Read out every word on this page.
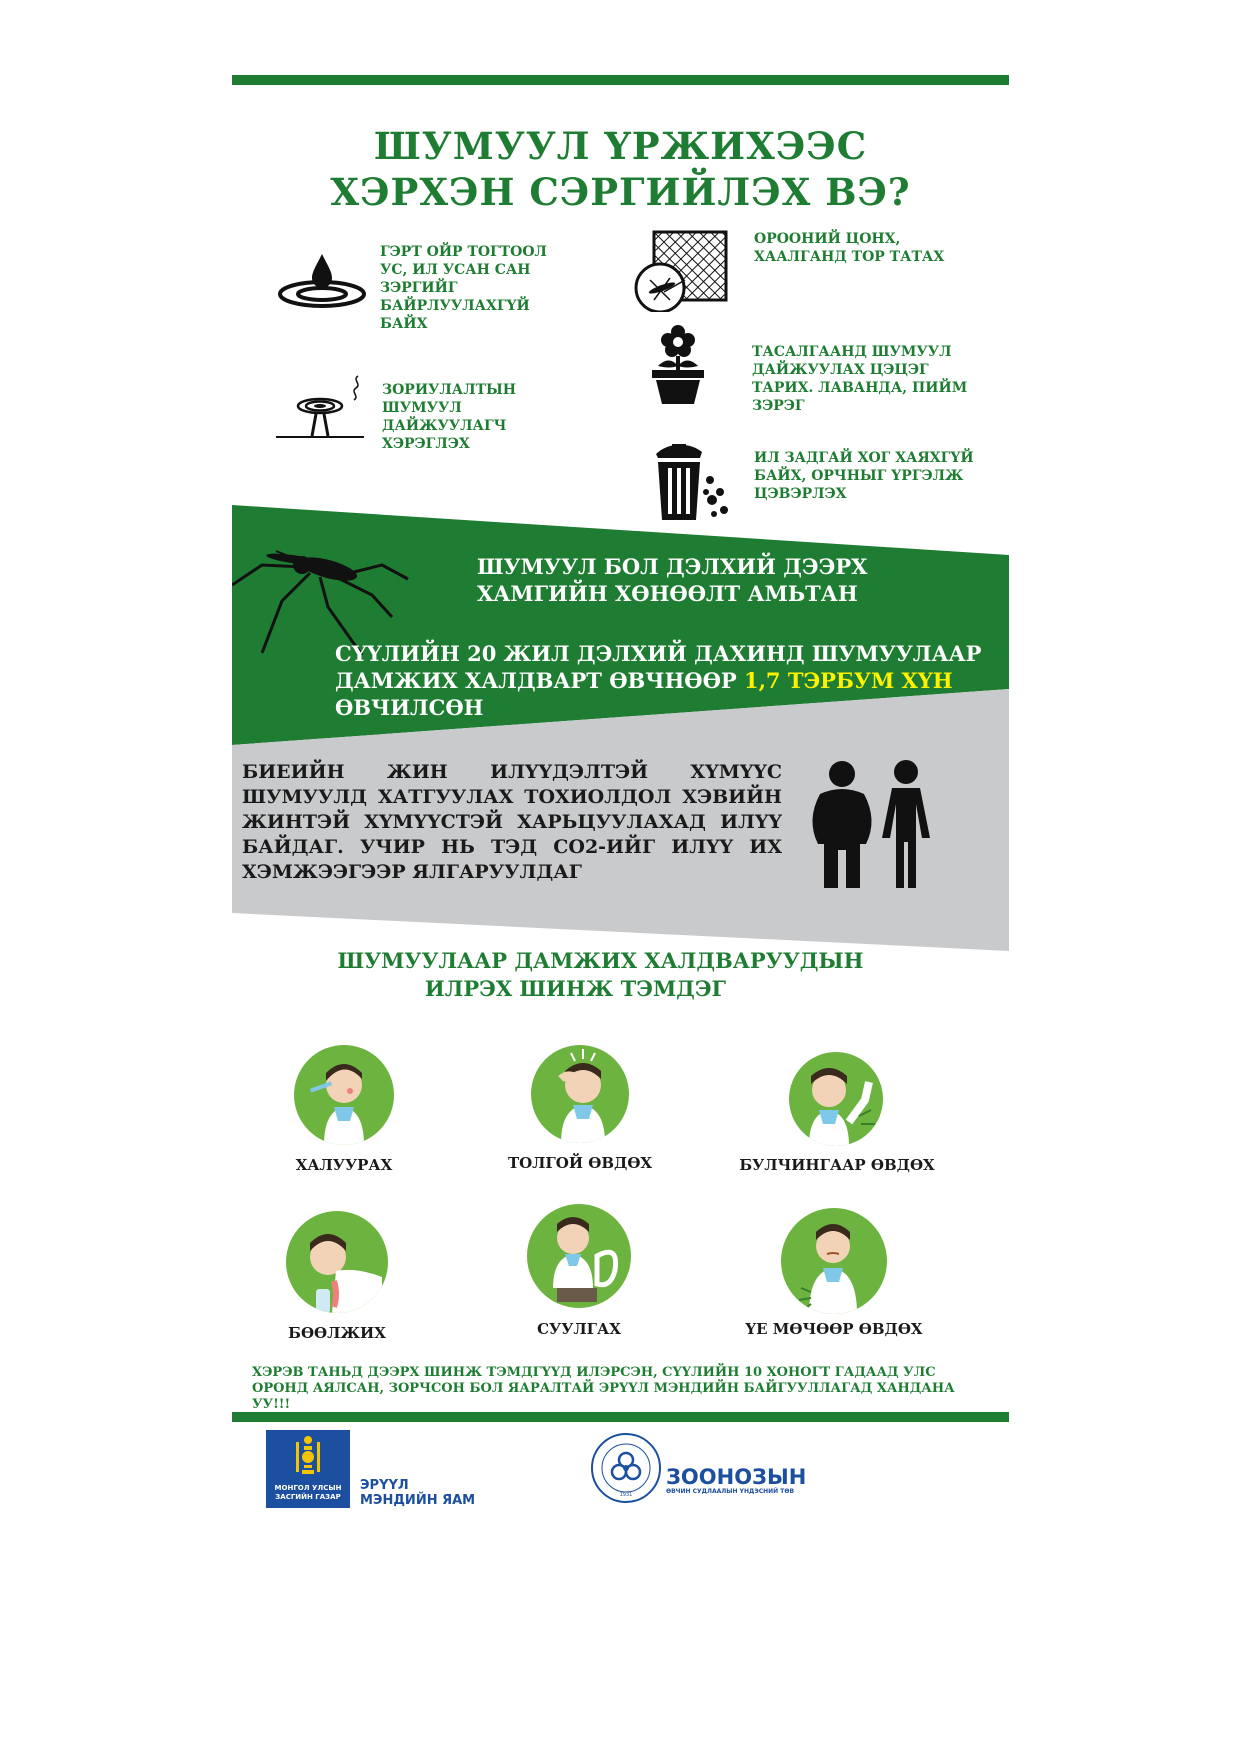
ШУМУУЛ ҮРЖИХЭЭС
ХЭРХЭН СЭРГИЙЛЭХ ВЭ?
ГЭРТ ОЙР ТОГТООЛ УС, ИЛ УСАН САН ЗЭРГИЙГ БАЙРЛУУЛАХГҮЙ БАЙХ
ОРООНИЙ ЦОНХ, ХААЛГАНД ТОР ТАТАХ
ТАСАЛГААНД ШУМУУЛ ДАЙЖУУЛАХ ЦЭЦЭГ ТАРИХ. ЛАВАНДА, ПИЙМ ЗЭРЭГ
ЗОРИУЛАЛТЫН ШУМУУЛ ДАЙЖУУЛАГЧ ХЭРЭГЛЭХ
ИЛ ЗАДГАЙ ХОГ ХАЯХГҮЙ БАЙХ, ОРЧНЫГ ҮРГЭЛЖ ЦЭВЭРЛЭХ
ШУМУУЛ БОЛ ДЭЛХИЙ ДЭЭРХ
ХАМГИЙН ХӨНӨӨЛТ АМЬТАН
СҮҮЛИЙН 20 ЖИЛ ДЭЛХИЙ ДАХИНД ШУМУУЛААР
ДАМЖИХ ХАЛДВАРТ ӨВЧНӨӨР 1,7 ТЭРБУМ ХҮН
ӨВЧИЛСӨН
БИЕИЙН ЖИН ИЛҮҮДЭЛТЭЙ ХҮМҮҮС ШУМУУЛД ХАТГУУЛАХ ТОХИОЛДОЛ ХЭВИЙН ЖИНТЭЙ ХҮМҮҮСТЭЙ ХАРЬЦУУЛАХАД ИЛҮҮ БАЙДАГ. УЧИР НЬ ТЭД CO2-ИЙГ ИЛҮҮ ИХ ХЭМЖЭЭГЭЭР ЯЛГАРУУЛДАГ
ШУМУУЛААР ДАМЖИХ ХАЛДВАРУУДЫН
ИЛРЭХ ШИНЖ ТЭМДЭГ
ХАЛУУРАХ	ТОЛГОЙ ӨВДӨХ	БУЛЧИНГААР ӨВДӨХ
БӨӨЛЖИХ	СУУЛГАХ	ҮЕ МӨЧӨӨР ӨВДӨХ
ХЭРЭВ ТАНЬД ДЭЭРХ ШИНЖ ТЭМДГҮҮД ИЛЭРСЭН, СҮҮЛИЙН 10 ХОНОГТ ГАДААД УЛС ОРОНД АЯЛСАН, ЗОРЧСОН БОЛ ЯАРАЛТАЙ ЭРҮҮЛ МЭНДИЙН БАЙГУУЛЛАГАД ХАНДАНА УУ!!!
МОНГОЛ УЛСЫН
ЗАСГИЙН ГАЗАР
ЭРҮҮЛ
МЭНДИЙН ЯАМ	1931
ЗООНОЗЫН
ӨВЧИН СУДЛААЛЫН ҮНДЭСНИЙ ТӨВ
